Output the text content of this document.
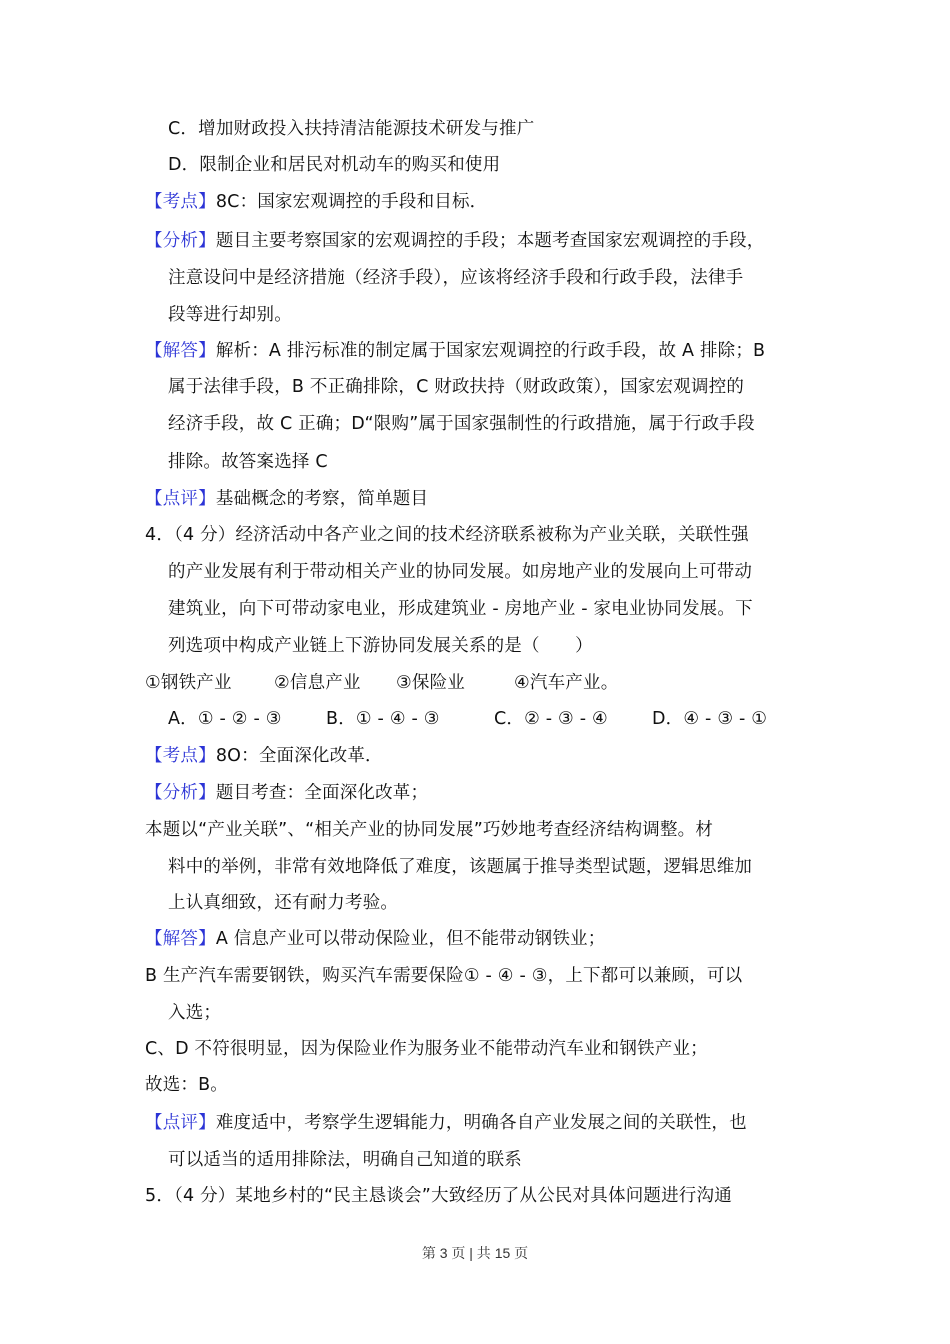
C．增加财政投入扶持清洁能源技术研发与推广
D．限制企业和居民对机动车的购买和使用
【考点】8C：国家宏观调控的手段和目标．
【分析】题目主要考察国家的宏观调控的手段；本题考查国家宏观调控的手段，
注意设问中是经济措施（经济手段），应该将经济手段和行政手段，法律手
段等进行却别。
【解答】解析：A 排污标准的制定属于国家宏观调控的行政手段，故 A 排除；B
属于法律手段，B 不正确排除，C 财政扶持（财政政策），国家宏观调控的
经济手段，故 C 正确；D“限购”属于国家强制性的行政措施，属于行政手段
排除。故答案选择 C
【点评】基础概念的考察，简单题目
4．（4 分）经济活动中各产业之间的技术经济联系被称为产业关联，关联性强
的产业发展有利于带动相关产业的协同发展。如房地产业的发展向上可带动
建筑业，向下可带动家电业，形成建筑业 - 房地产业 - 家电业协同发展。下
列选项中构成产业链上下游协同发展关系的是（　　）
①钢铁产业 ②信息产业 ③保险业	④汽车产业。
A．① - ② - ③	B．① - ④ - ③	C．② - ③ - ④	D．④ - ③ - ①
【考点】8O：全面深化改革．
【分析】题目考查：全面深化改革；
本题以“产业关联”、“相关产业的协同发展”巧妙地考查经济结构调整。材
料中的举例，非常有效地降低了难度，该题属于推导类型试题，逻辑思维加
上认真细致，还有耐力考验。
【解答】A 信息产业可以带动保险业，但不能带动钢铁业；
B 生产汽车需要钢铁，购买汽车需要保险① - ④ - ③，上下都可以兼顾，可以
入选；
C、D 不符很明显，因为保险业作为服务业不能带动汽车业和钢铁产业；
故选：B。
【点评】难度适中，考察学生逻辑能力，明确各自产业发展之间的关联性，也
可以适当的适用排除法，明确自己知道的联系
5．（4 分）某地乡村的“民主恳谈会”大致经历了从公民对具体问题进行沟通
第 3 页 | 共 15 页
